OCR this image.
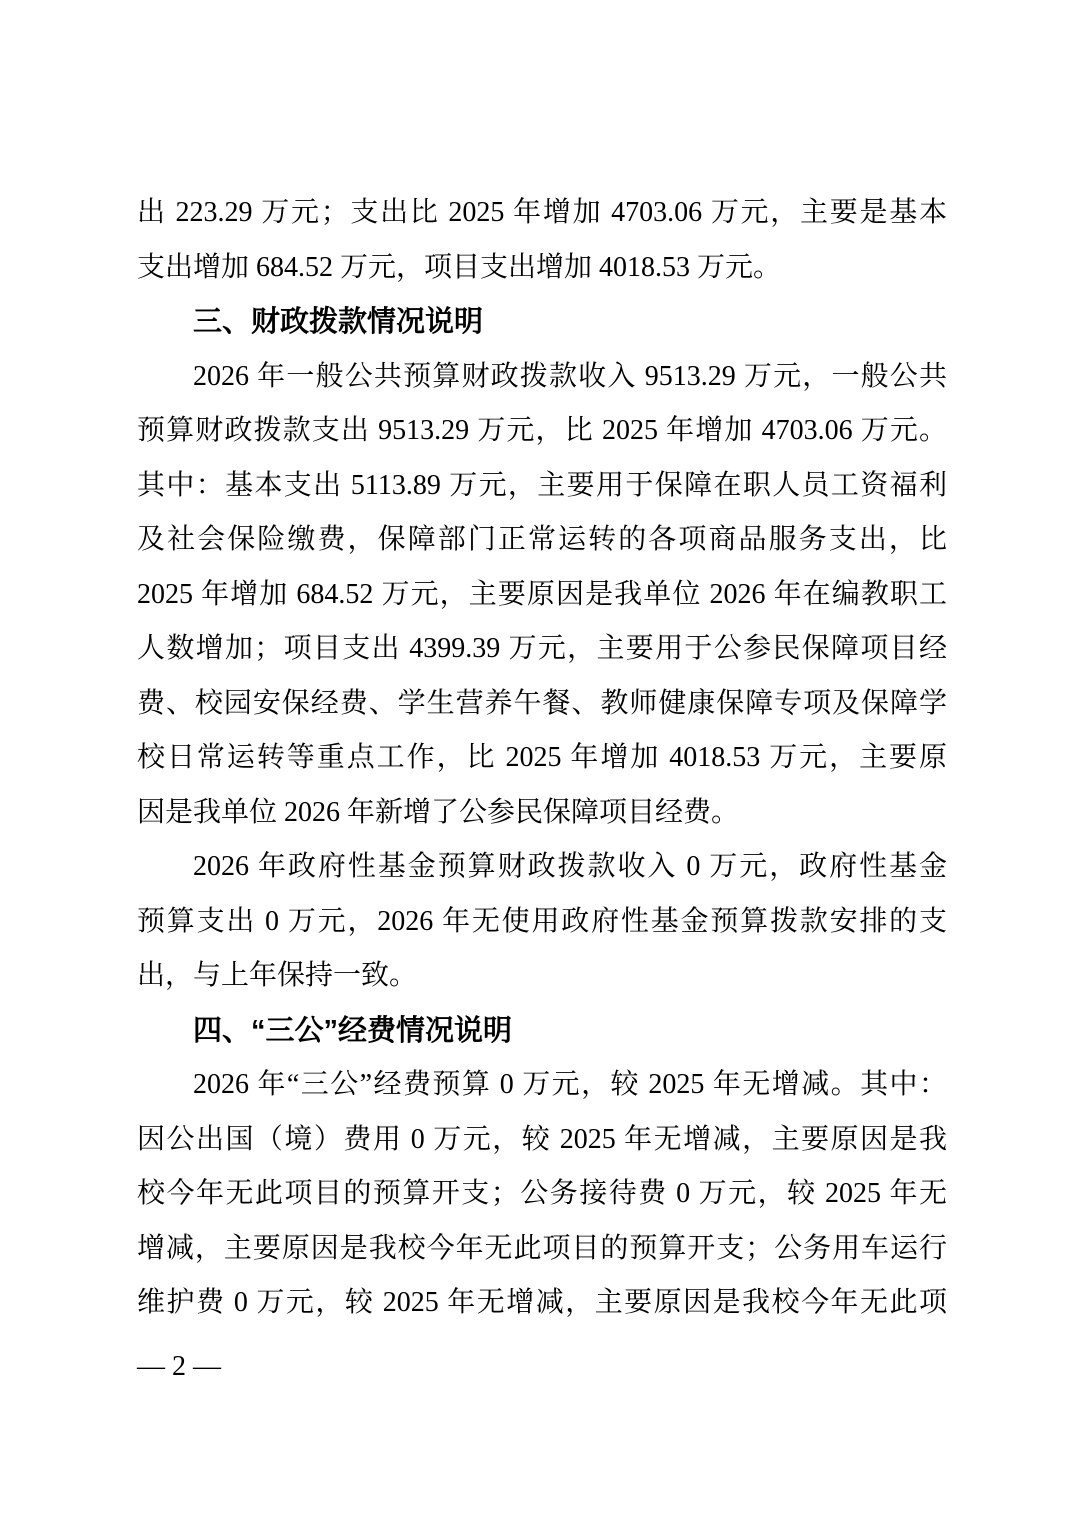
出 223.29 万元；支出比 2025 年增加 4703.06 万元，主要是基本
支出增加 684.52 万元，项目支出增加 4018.53 万元。
三、财政拨款情况说明
2026 年一般公共预算财政拨款收入 9513.29 万元，一般公共
预算财政拨款支出 9513.29 万元，比 2025 年增加 4703.06 万元。
其中：基本支出 5113.89 万元，主要用于保障在职人员工资福利
及社会保险缴费，保障部门正常运转的各项商品服务支出，比
2025 年增加 684.52 万元，主要原因是我单位 2026 年在编教职工
人数增加；项目支出 4399.39 万元，主要用于公参民保障项目经
费、校园安保经费、学生营养午餐、教师健康保障专项及保障学
校日常运转等重点工作，比 2025 年增加 4018.53 万元，主要原
因是我单位 2026 年新增了公参民保障项目经费。
2026 年政府性基金预算财政拨款收入 0 万元，政府性基金
预算支出 0 万元，2026 年无使用政府性基金预算拨款安排的支
出，与上年保持一致。
四、“三公”经费情况说明
2026 年“三公”经费预算 0 万元，较 2025 年无增减。其中：
因公出国（境）费用 0 万元，较 2025 年无增减，主要原因是我
校今年无此项目的预算开支；公务接待费 0 万元，较 2025 年无
增减，主要原因是我校今年无此项目的预算开支；公务用车运行
维护费 0 万元，较 2025 年无增减，主要原因是我校今年无此项
— 2 —
